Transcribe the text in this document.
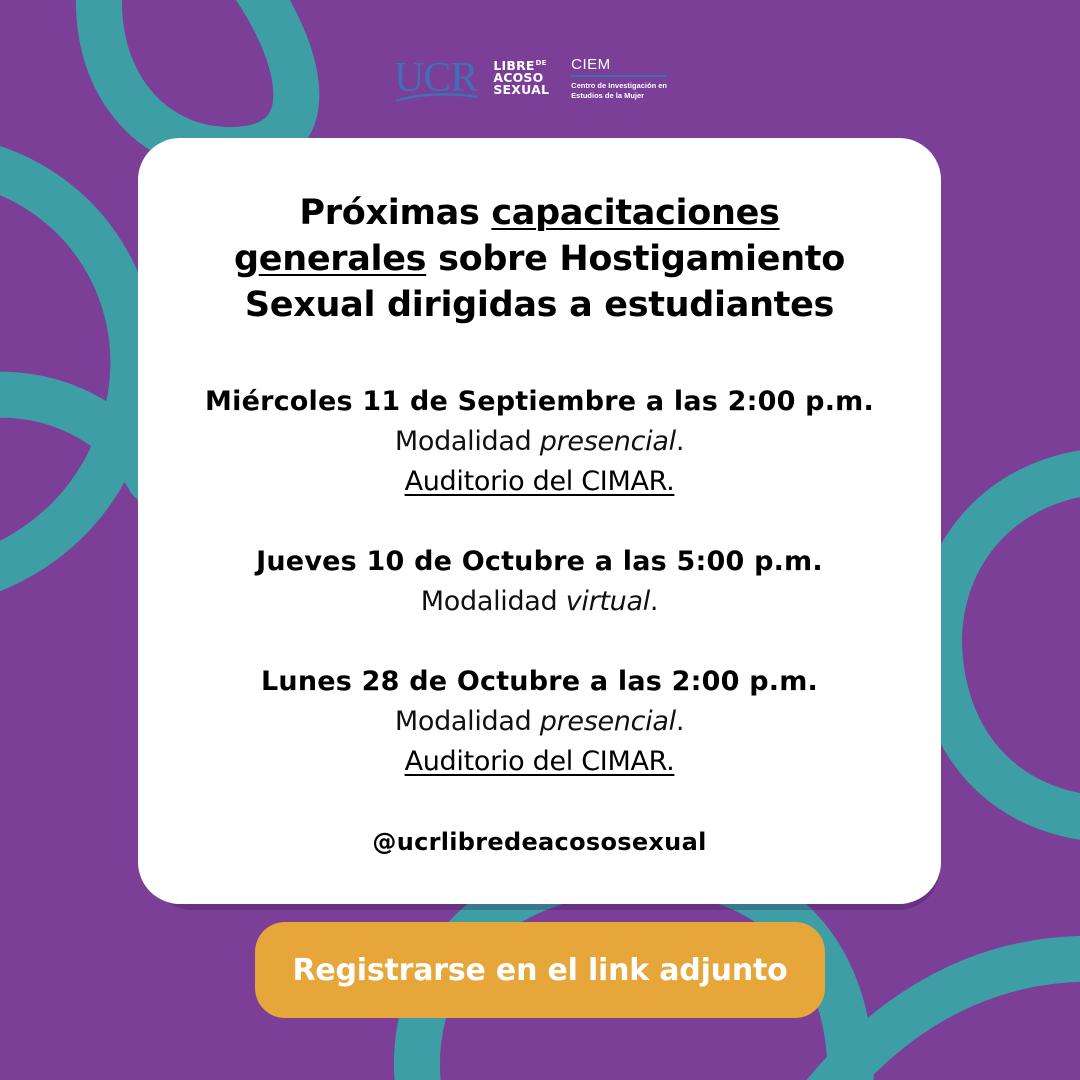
UCR $LIBRE^{DE}$
ACOSO
SEXUAL
CIEM
Centro de Investigación en
Estudios de la Mujer
Próximas capacitaciones
generales sobre Hostigamiento
Sexual dirigidas a estudiantes
Miércoles 11 de Septiembre a las 2:00 p.m.
Modalidad presencial.
Auditorio del CIMAR.
Jueves 10 de Octubre a las 5:00 p.m.
Modalidad virtual.
Lunes 28 de Octubre a las 2:00 p.m.
Modalidad presencial.
Auditorio del CIMAR.
@ucrlibredeacososexual
Registrarse en el link adjunto
